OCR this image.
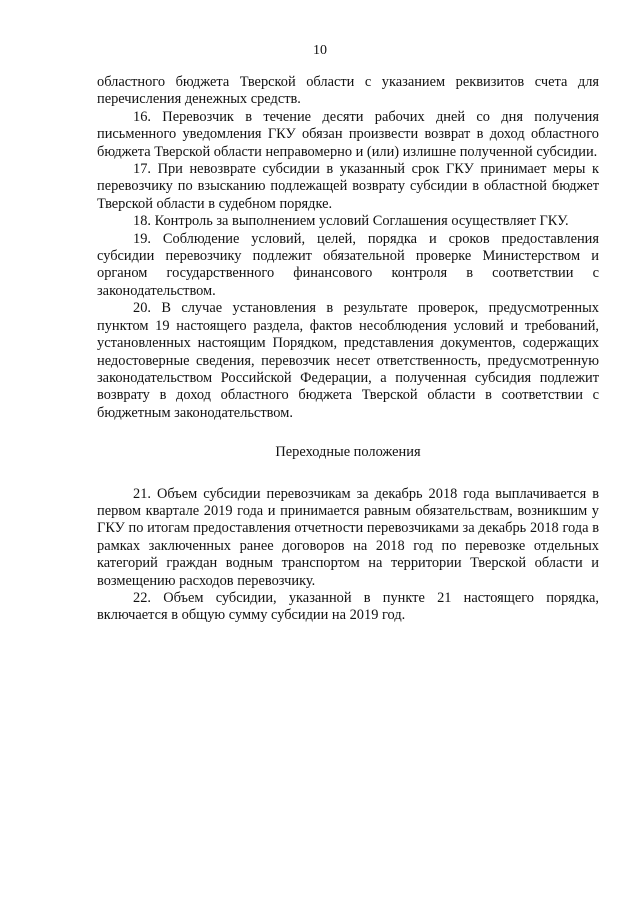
10

областного бюджета Тверской области с указанием реквизитов счета для перечисления денежных средств.

16. Перевозчик в течение десяти рабочих дней со дня получения письменного уведомления ГКУ обязан произвести возврат в доход областного бюджета Тверской области неправомерно и (или) излишне полученной субсидии.

17. При невозврате субсидии в указанный срок ГКУ принимает меры к перевозчику по взысканию подлежащей возврату субсидии в областной бюджет Тверской области в судебном порядке.

18. Контроль за выполнением условий Соглашения осуществляет ГКУ.

19. Соблюдение условий, целей, порядка и сроков предоставления субсидии перевозчику подлежит обязательной проверке Министерством и органом государственного финансового контроля в соответствии с законодательством.

20. В случае установления в результате проверок, предусмотренных пунктом 19 настоящего раздела, фактов несоблюдения условий и требований, установленных настоящим Порядком, представления документов, содержащих недостоверные сведения, перевозчик несет ответственность, предусмотренную законодательством Российской Федерации, а полученная субсидия подлежит возврату в доход областного бюджета Тверской области в соответствии с бюджетным законодательством.

Переходные положения

21. Объем субсидии перевозчикам за декабрь 2018 года выплачивается в первом квартале 2019 года и принимается равным обязательствам, возникшим у ГКУ по итогам предоставления отчетности перевозчиками за декабрь 2018 года в рамках заключенных ранее договоров на 2018 год по перевозке отдельных категорий граждан водным транспортом на территории Тверской области и возмещению расходов перевозчику.

22. Объем субсидии, указанной в пункте 21 настоящего порядка, включается в общую сумму субсидии на 2019 год.
